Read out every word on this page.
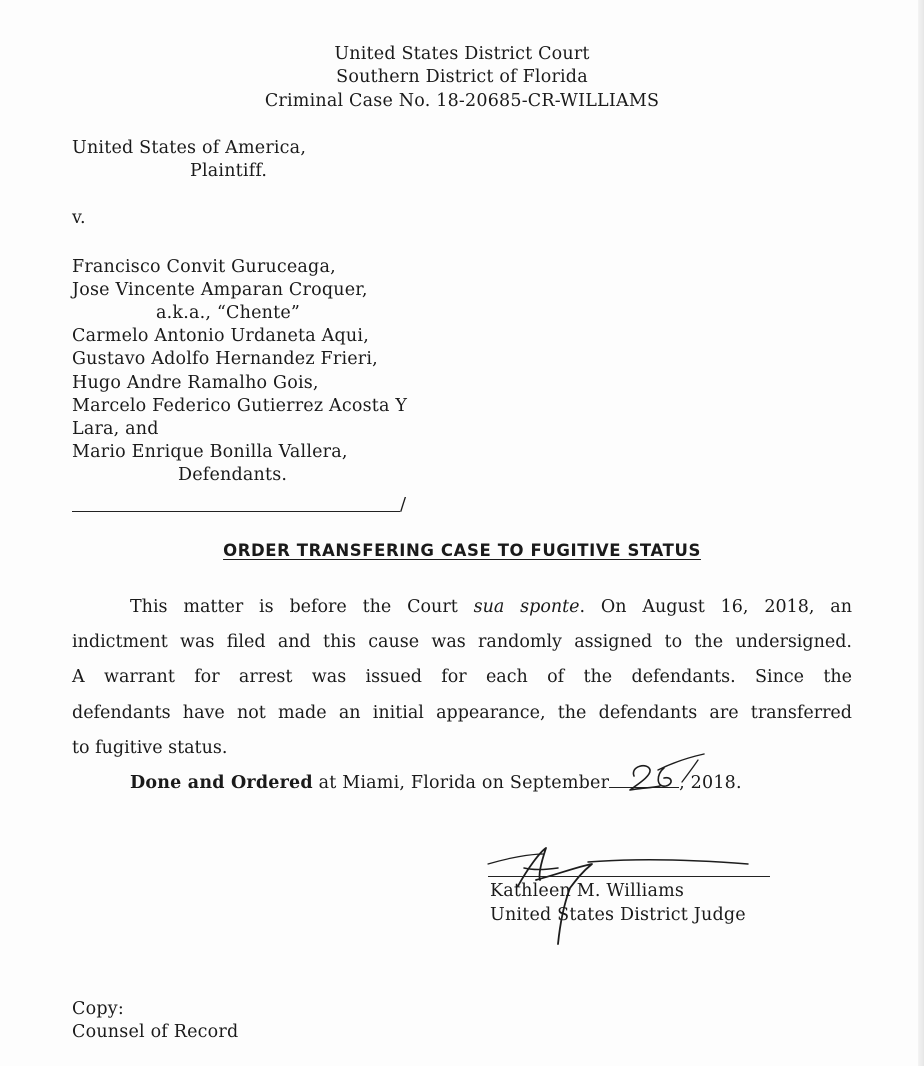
United States District Court
Southern District of Florida
Criminal Case No. 18-20685-CR-WILLIAMS
United States of America,
Plaintiff.
v.
Francisco Convit Guruceaga,
Jose Vincente Amparan Croquer,
a.k.a., “Chente”
Carmelo Antonio Urdaneta Aqui,
Gustavo Adolfo Hernandez Frieri,
Hugo Andre Ramalho Gois,
Marcelo Federico Gutierrez Acosta Y
Lara, and
Mario Enrique Bonilla Vallera,
Defendants.
/
ORDER TRANSFERING CASE TO FUGITIVE STATUS
This matter is before the Court sua sponte. On August 16, 2018, an
indictment was filed and this cause was randomly assigned to the undersigned.
A warrant for arrest was issued for each of the defendants. Since the
defendants have not made an initial appearance, the defendants are transferred
to fugitive status.
Done and Ordered at Miami, Florida on September	, 2018.
Kathleen M. Williams
United States District Judge
Copy:
Counsel of Record
